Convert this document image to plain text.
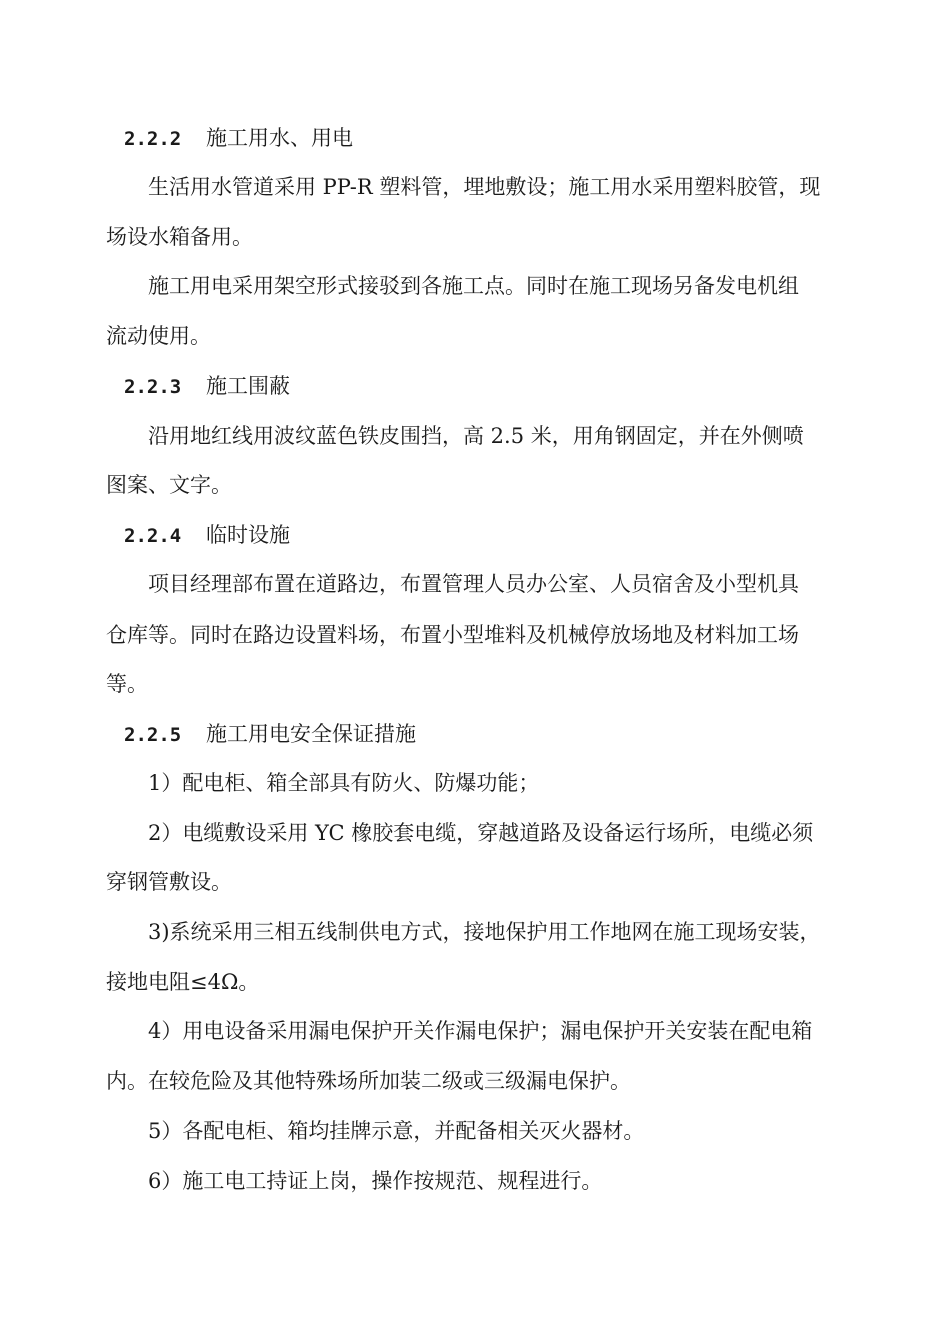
2.2.2 施工用水、用电
生活用水管道采用 PP-R 塑料管，埋地敷设；施工用水采用塑料胶管，现
场设水箱备用。
施工用电采用架空形式接驳到各施工点。同时在施工现场另备发电机组
流动使用。
2.2.3 施工围蔽
沿用地红线用波纹蓝色铁皮围挡，高 2.5 米，用角钢固定，并在外侧喷
图案、文字。
2.2.4 临时设施
项目经理部布置在道路边，布置管理人员办公室、人员宿舍及小型机具
仓库等。同时在路边设置料场，布置小型堆料及机械停放场地及材料加工场
等。
2.2.5 施工用电安全保证措施
1）配电柜、箱全部具有防火、防爆功能；
2）电缆敷设采用 YC 橡胶套电缆，穿越道路及设备运行场所，电缆必须
穿钢管敷设。
3)系统采用三相五线制供电方式，接地保护用工作地网在施工现场安装，
接地电阻≤4Ω。
4）用电设备采用漏电保护开关作漏电保护；漏电保护开关安装在配电箱
内。在较危险及其他特殊场所加装二级或三级漏电保护。
5）各配电柜、箱均挂牌示意，并配备相关灭火器材。
6）施工电工持证上岗，操作按规范、规程进行。
